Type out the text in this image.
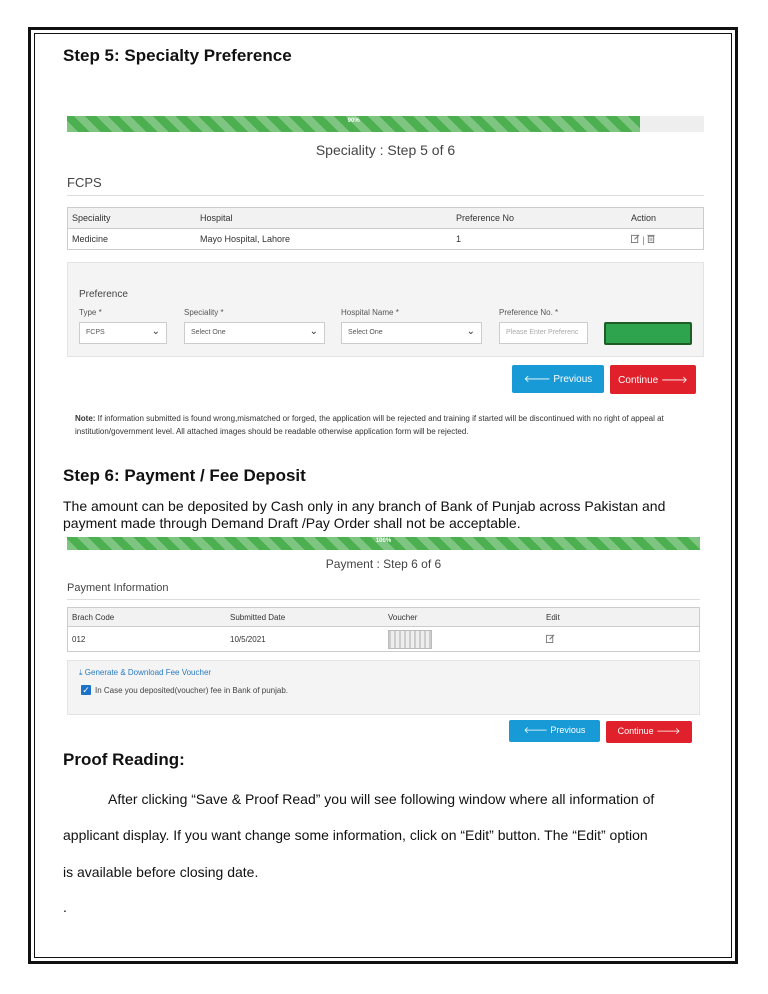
Step 5: Specialty Preference
90%
Speciality : Step 5 of 6
FCPS
Speciality	Hospital	Preference No	Action
Medicine	Mayo Hospital, Lahore	1	|
Preference
Type *
FCPS	⌄
Speciality *
Select One	⌄
Hospital Name *
Select One	⌄
Preference No. *
Please Enter Preferenc
🡐 Previous	Continue 🡒
Note: If information submitted is found wrong,mismatched or forged, the application will be rejected and training if started will be discontinued with no right of appeal at institution/government level. All attached images should be readable otherwise application form will be rejected.
Step 6: Payment / Fee Deposit
The amount can be deposited by Cash only in any branch of Bank of Punjab across Pakistan and payment made through Demand Draft /Pay Order shall not be acceptable.
100%
Payment : Step 6 of 6
Payment Information
Brach Code	Submitted Date	Voucher	Edit
012	10/5/2021	

⤓ Generate & Download Fee Voucher
✓ In Case you deposited(voucher) fee in Bank of punjab.
🡐 Previous	Continue 🡒
Proof Reading:
After clicking “Save & Proof Read” you will see following window where all information of
applicant display. If you want change some information, click on “Edit” button. The “Edit” option
is available before closing date.
.
